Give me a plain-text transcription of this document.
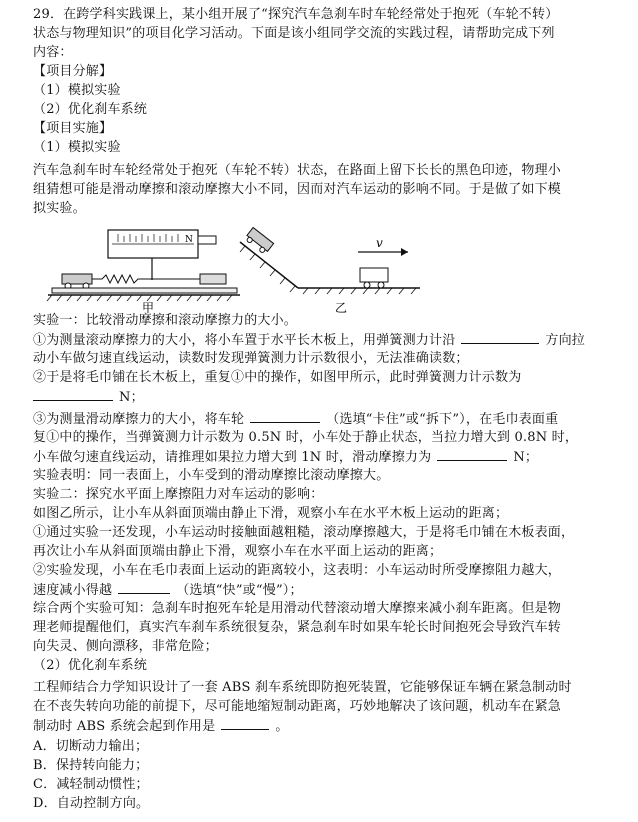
29．在跨学科实践课上，某小组开展了“探究汽车急刹车时车轮经常处于抱死（车轮不转）
状态与物理知识”的项目化学习活动。下面是该小组同学交流的实践过程，请帮助完成下列
内容：
【项目分解】
（1）模拟实验
（2）优化刹车系统
【项目实施】
（1）模拟实验
汽车急刹车时车轮经常处于抱死（车轮不转）状态，在路面上留下长长的黑色印迹，物理小
组猜想可能是滑动摩擦和滚动摩擦大小不同，因而对汽车运动的影响不同。于是做了如下模
拟实验。
N
甲
v
乙
实验一：比较滑动摩擦和滚动摩擦力的大小。
①为测量滚动摩擦力的大小，将小车置于水平长木板上，用弹簧测力计沿	方向拉
动小车做匀速直线运动，读数时发现弹簧测力计示数很小，无法准确读数；
②于是将毛巾铺在长木板上，重复①中的操作，如图甲所示，此时弹簧测力计示数为
N；
③为测量滑动摩擦力的大小，将车轮	（选填“卡住”或“拆下”），在毛巾表面重
复①中的操作，当弹簧测力计示数为 0.5N 时，小车处于静止状态，当拉力增大到 0.8N 时，
小车做匀速直线运动，请推理如果拉力增大到 1N 时，滑动摩擦力为	N；
实验表明：同一表面上，小车受到的滑动摩擦比滚动摩擦大。
实验二：探究水平面上摩擦阻力对车运动的影响：
如图乙所示，让小车从斜面顶端由静止下滑，观察小车在水平木板上运动的距离；
①通过实验一还发现，小车运动时接触面越粗糙，滚动摩擦越大，于是将毛巾铺在木板表面，
再次让小车从斜面顶端由静止下滑，观察小车在水平面上运动的距离；
②实验发现，小车在毛巾表面上运动的距离较小，这表明：小车运动时所受摩擦阻力越大，
速度减小得越	（选填“快”或“慢”）；
综合两个实验可知：急刹车时抱死车轮是用滑动代替滚动增大摩擦来减小刹车距离。但是物
理老师提醒他们，真实汽车刹车系统很复杂，紧急刹车时如果车轮长时间抱死会导致汽车转
向失灵、侧向漂移，非常危险；
（2）优化刹车系统
工程师结合力学知识设计了一套 ABS 刹车系统即防抱死装置，它能够保证车辆在紧急制动时
在不丧失转向功能的前提下，尽可能地缩短制动距离，巧妙地解决了该问题，机动车在紧急
制动时 ABS 系统会起到作用是	。
A．切断动力输出；
B．保持转向能力；
C．减轻制动惯性；
D．自动控制方向。
